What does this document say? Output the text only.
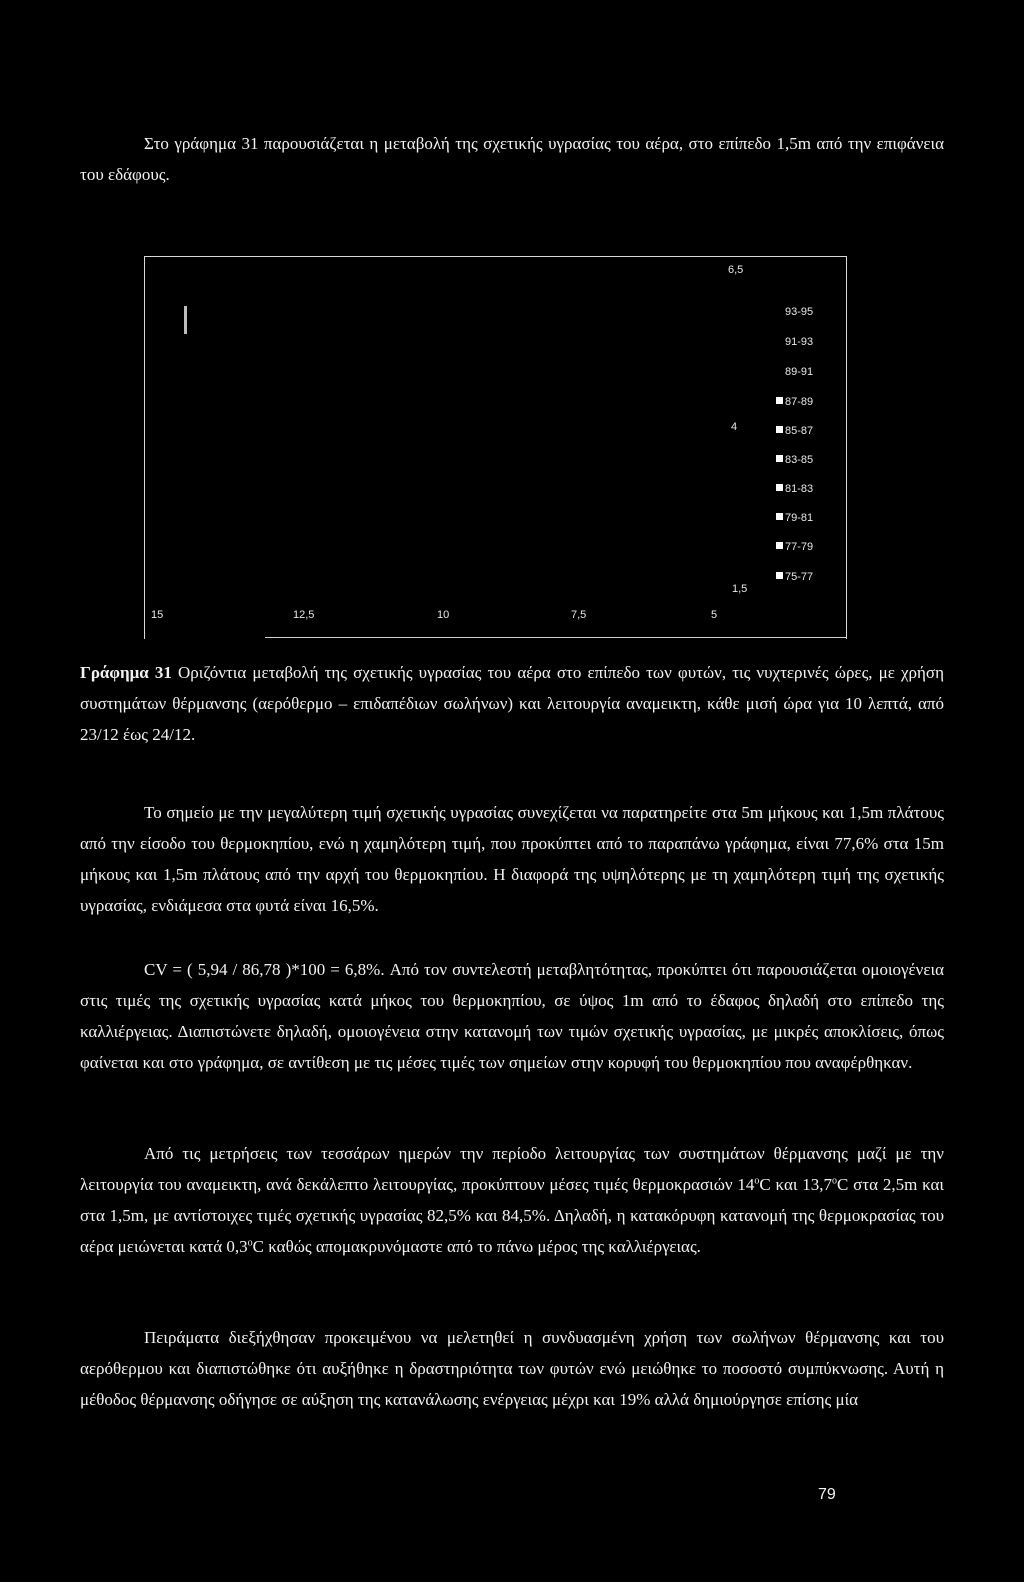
Στο γράφημα 31 παρουσιάζεται η μεταβολή της σχετικής υγρασίας του αέρα, στο επίπεδο 1,5m από την επιφάνεια του εδάφους.

6,5
4
1,5
15	12,5	10	7,5	5
93-95
91-93
89-91
87-89
85-87
83-85
81-83
79-81
77-79
75-77

Γράφημα 31 Οριζόντια μεταβολή της σχετικής υγρασίας του αέρα στο επίπεδο των φυτών, τις νυχτερινές ώρες, με χρήση συστημάτων θέρμανσης (αερόθερμο – επιδαπέδιων σωλήνων) και λειτουργία αναμεικτη, κάθε μισή ώρα για 10 λεπτά, από 23/12 έως 24/12.

Το σημείο με την μεγαλύτερη τιμή σχετικής υγρασίας συνεχίζεται να παρατηρείτε στα 5m μήκους και 1,5m πλάτους από την είσοδο του θερμοκηπίου, ενώ η χαμηλότερη τιμή, που προκύπτει από το παραπάνω γράφημα, είναι 77,6% στα 15m μήκους και 1,5m πλάτους από την αρχή του θερμοκηπίου. Η διαφορά της υψηλότερης με τη χαμηλότερη τιμή της σχετικής υγρασίας, ενδιάμεσα στα φυτά είναι 16,5%.

CV = ( 5,94 / 86,78 )*100 = 6,8%. Από τον συντελεστή μεταβλητότητας, προκύπτει ότι παρουσιάζεται ομοιογένεια στις τιμές της σχετικής υγρασίας κατά μήκος του θερμοκηπίου, σε ύψος 1m από το έδαφος δηλαδή στο επίπεδο της καλλιέργειας. Διαπιστώνετε δηλαδή, ομοιογένεια στην κατανομή των τιμών σχετικής υγρασίας, με μικρές αποκλίσεις, όπως φαίνεται και στο γράφημα, σε αντίθεση με τις μέσες τιμές των σημείων στην κορυφή του θερμοκηπίου που αναφέρθηκαν.

Από τις μετρήσεις των τεσσάρων ημερών την περίοδο λειτουργίας των συστημάτων θέρμανσης μαζί με την λειτουργία του αναμεικτη, ανά δεκάλεπτο λειτουργίας, προκύπτουν μέσες τιμές θερμοκρασιών 14$^o$C και 13,7$^o$C στα 2,5m και στα 1,5m, με αντίστοιχες τιμές σχετικής υγρασίας 82,5% και 84,5%. Δηλαδή, η κατακόρυφη κατανομή της θερμοκρασίας του αέρα μειώνεται κατά 0,3$^o$C καθώς απομακρυνόμαστε από το πάνω μέρος της καλλιέργειας.

Πειράματα διεξήχθησαν προκειμένου να μελετηθεί η συνδυασμένη χρήση των σωλήνων θέρμανσης και του αερόθερμου και διαπιστώθηκε ότι αυξήθηκε η δραστηριότητα των φυτών ενώ μειώθηκε το ποσοστό συμπύκνωσης. Αυτή η μέθοδος θέρμανσης οδήγησε σε αύξηση της κατανάλωσης ενέργειας μέχρι και 19% αλλά δημιούργησε επίσης μία

79
